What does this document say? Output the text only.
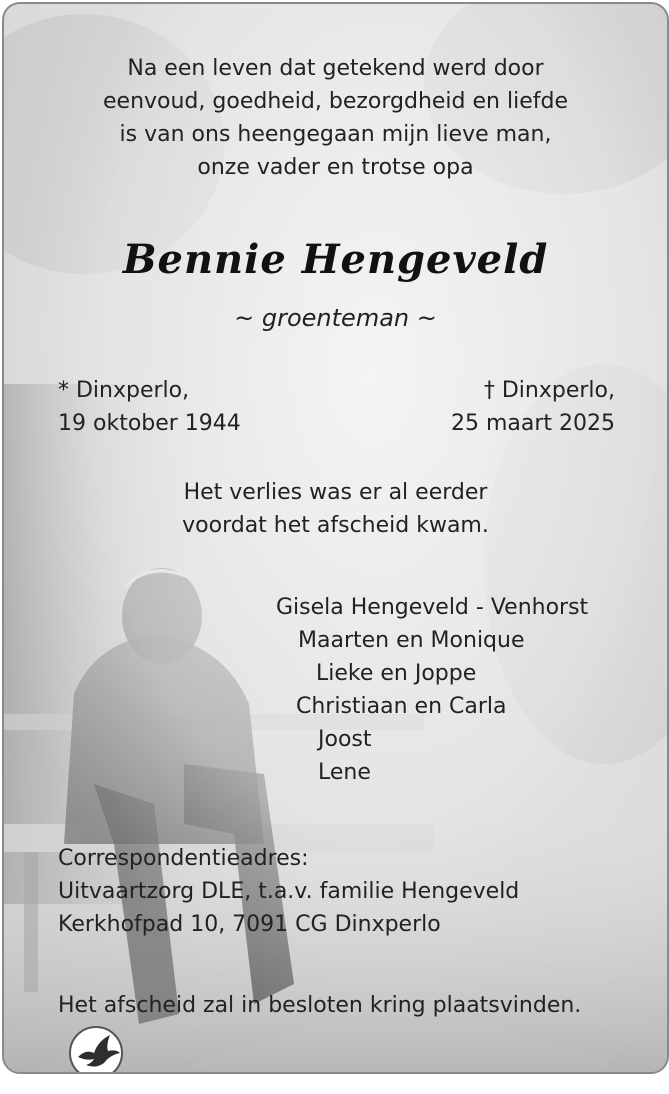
Na een leven dat getekend werd door
eenvoud, goedheid, bezorgdheid en liefde
is van ons heengegaan mijn lieve man,
onze vader en trotse opa
Bennie Hengeveld
~ groenteman ~
* Dinxperlo,
19 oktober 1944
† Dinxperlo,
25 maart 2025
Het verlies was er al eerder
voordat het afscheid kwam.
Gisela Hengeveld - Venhorst
Maarten en Monique
Lieke en Joppe
Christiaan en Carla
Joost
Lene
Correspondentieadres:
Uitvaartzorg DLE, t.a.v. familie Hengeveld
Kerkhofpad 10, 7091 CG Dinxperlo
Het afscheid zal in besloten kring plaatsvinden.
